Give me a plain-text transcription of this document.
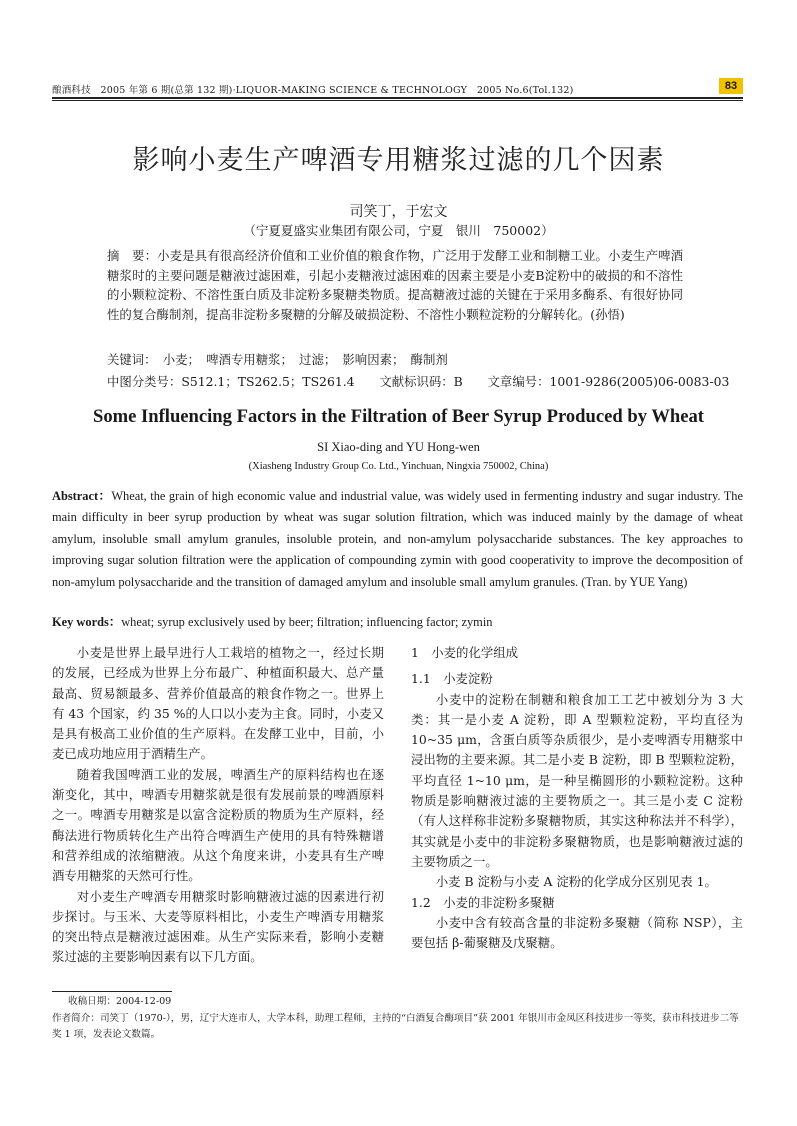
酿酒科技　2005 年第 6 期(总第 132 期)·LIQUOR-MAKING SCIENCE & TECHNOLOGY　2005 No.6(Tol.132)	83
影响小麦生产啤酒专用糖浆过滤的几个因素
司笑丁，于宏文
（宁夏夏盛实业集团有限公司，宁夏　银川　750002）
摘　要：小麦是具有很高经济价值和工业价值的粮食作物，广泛用于发酵工业和制糖工业。小麦生产啤酒糖浆时的主要问题是糖液过滤困难，引起小麦糖液过滤困难的因素主要是小麦B淀粉中的破损的和不溶性的小颗粒淀粉、不溶性蛋白质及非淀粉多聚糖类物质。提高糖液过滤的关键在于采用多酶系、有很好协同性的复合酶制剂，提高非淀粉多聚糖的分解及破损淀粉、不溶性小颗粒淀粉的分解转化。(孙悟)
关键词：　 小麦；　啤酒专用糖浆；　过滤；　影响因素；　酶制剂
中图分类号：S512.1；TS262.5；TS261.4　　文献标识码：B　　文章编号：1001-9286(2005)06-0083-03
Some Influencing Factors in the Filtration of Beer Syrup Produced by Wheat
SI Xiao-ding and YU Hong-wen
(Xiasheng Industry Group Co. Ltd., Yinchuan, Ningxia 750002, China)
Abstract：Wheat, the grain of high economic value and industrial value, was widely used in fermenting industry and sugar industry. The main difficulty in beer syrup production by wheat was sugar solution filtration, which was induced mainly by the damage of wheat amylum, insoluble small amylum granules, insoluble protein, and non-amylum polysaccharide substances. The key approaches to improving sugar solution filtration were the application of compounding zymin with good cooperativity to improve the decomposition of non-amylum polysaccharide and the transition of damaged amylum and insoluble small amylum granules. (Tran. by YUE Yang)
Key words：wheat; syrup exclusively used by beer; filtration; influencing factor; zymin

小麦是世界上最早进行人工栽培的植物之一，经过长期的发展，已经成为世界上分布最广、种植面积最大、总产量最高、贸易额最多、营养价值最高的粮食作物之一。世界上有 43 个国家，约 35 %的人口以小麦为主食。同时，小麦又是具有极高工业价值的生产原料。在发酵工业中，目前，小麦已成功地应用于酒精生产。

随着我国啤酒工业的发展，啤酒生产的原料结构也在逐渐变化，其中，啤酒专用糖浆就是很有发展前景的啤酒原料之一。啤酒专用糖浆是以富含淀粉质的物质为生产原料，经酶法进行物质转化生产出符合啤酒生产使用的具有特殊糖谱和营养组成的浓缩糖液。从这个角度来讲，小麦具有生产啤酒专用糖浆的天然可行性。

对小麦生产啤酒专用糖浆时影响糖液过滤的因素进行初步探讨。与玉米、大麦等原料相比，小麦生产啤酒专用糖浆的突出特点是糖液过滤困难。从生产实际来看，影响小麦糖浆过滤的主要影响因素有以下几方面。

1　小麦的化学组成
1.1　小麦淀粉

小麦中的淀粉在制糖和粮食加工工艺中被划分为 3 大类：其一是小麦 A 淀粉，即 A 型颗粒淀粉，平均直径为 10~35 μm，含蛋白质等杂质很少，是小麦啤酒专用糖浆中浸出物的主要来源。其二是小麦 B 淀粉，即 B 型颗粒淀粉，平均直径 1~10 μm，是一种呈椭圆形的小颗粒淀粉。这种物质是影响糖液过滤的主要物质之一。其三是小麦 C 淀粉（有人这样称非淀粉多聚糖物质，其实这种称法并不科学），其实就是小麦中的非淀粉多聚糖物质，也是影响糖液过滤的主要物质之一。

小麦 B 淀粉与小麦 A 淀粉的化学成分区别见表 1。

1.2　小麦的非淀粉多聚糖

小麦中含有较高含量的非淀粉多聚糖（简称 NSP），主要包括 β-葡聚糖及戊聚糖。

收稿日期：2004-12-09

作者简介：司笑丁（1970-），男，辽宁大连市人，大学本科，助理工程师，主持的“白酒复合酶项目”获 2001 年银川市金凤区科技进步一等奖，获市科技进步二等奖 1 项，发表论文数篇。
